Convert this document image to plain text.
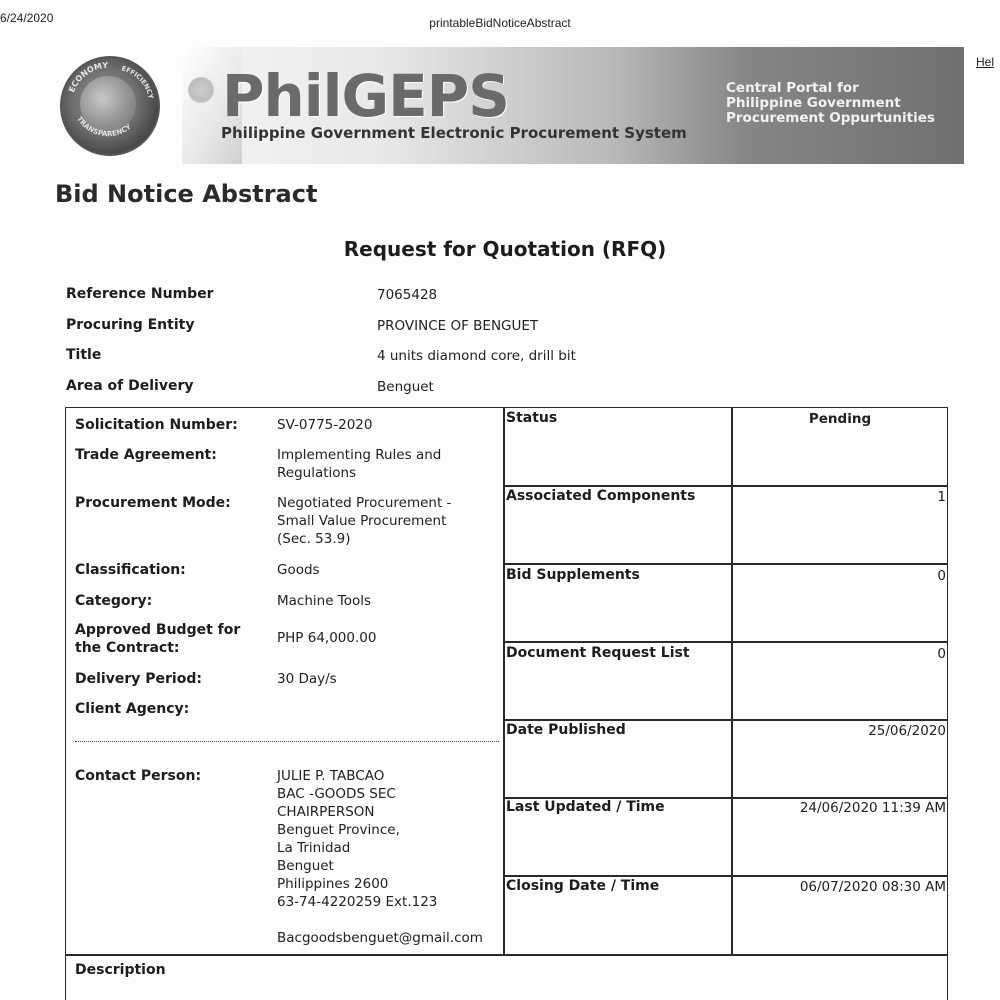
6/24/2020	printableBidNoticeAbstract
Hel
PhilGEPS
Philippine Government Electronic Procurement System
Central Portal for
Philippine Government
Procurement Oppurtunities
ECONOMY EFFICIENCY
TRANSPARENCY
Bid Notice Abstract
Request for Quotation (RFQ)
Reference Number	7065428
Procuring Entity	PROVINCE OF BENGUET
Title	4 units diamond core, drill bit
Area of Delivery	Benguet
Solicitation Number:	SV-0775-2020
Trade Agreement:	Implementing Rules and Regulations
Procurement Mode:	Negotiated Procurement - Small Value Procurement (Sec. 53.9)
Classification:	Goods
Category:	Machine Tools
Approved Budget for the Contract:
PHP 64,000.00
Delivery Period:	30 Day/s
Client Agency:
Contact Person:	JULIE P. TABCAO
BAC -GOODS SEC
CHAIRPERSON
Benguet Province,
La Trinidad
Benguet
Philippines 2600
63-74-4220259 Ext.123
Bacgoodsbenguet@gmail.com
Status	Pending
Associated Components	1
Bid Supplements	0
Document Request List	0
Date Published	25/06/2020
Last Updated / Time	24/06/2020 11:39 AM
Closing Date / Time	06/07/2020 08:30 AM
Description
